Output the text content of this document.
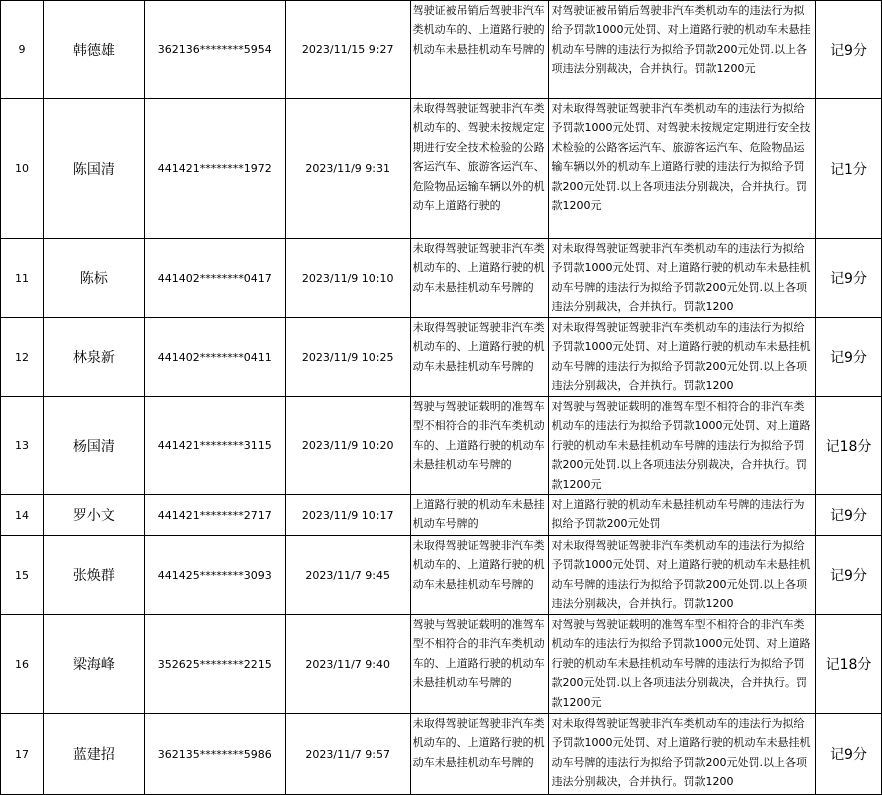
9	韩德雄	362136********5954	2023/11/15 9:27	驾驶证被吊销后驾驶非汽车类机动车的、上道路行驶的机动车未悬挂机动车号牌的	对驾驶证被吊销后驾驶非汽车类机动车的违法行为拟给予罚款1000元处罚、对上道路行驶的机动车未悬挂机动车号牌的违法行为拟给予罚款200元处罚.以上各项违法分别裁决，合并执行。罚款1200元	记9分
10	陈国清	441421********1972	2023/11/9 9:31	未取得驾驶证驾驶非汽车类机动车的、驾驶未按规定定期进行安全技术检验的公路客运汽车、旅游客运汽车、危险物品运输车辆以外的机动车上道路行驶的	对未取得驾驶证驾驶非汽车类机动车的违法行为拟给予罚款1000元处罚、对驾驶未按规定定期进行安全技术检验的公路客运汽车、旅游客运汽车、危险物品运输车辆以外的机动车上道路行驶的违法行为拟给予罚款200元处罚.以上各项违法分别裁决，合并执行。罚款1200元	记1分
11	陈标	441402********0417	2023/11/9 10:10	未取得驾驶证驾驶非汽车类机动车的、上道路行驶的机动车未悬挂机动车号牌的	对未取得驾驶证驾驶非汽车类机动车的违法行为拟给予罚款1000元处罚、对上道路行驶的机动车未悬挂机动车号牌的违法行为拟给予罚款200元处罚.以上各项违法分别裁决，合并执行。罚款1200	记9分
12	林泉新	441402********0411	2023/11/9 10:25	未取得驾驶证驾驶非汽车类机动车的、上道路行驶的机动车未悬挂机动车号牌的	对未取得驾驶证驾驶非汽车类机动车的违法行为拟给予罚款1000元处罚、对上道路行驶的机动车未悬挂机动车号牌的违法行为拟给予罚款200元处罚.以上各项违法分别裁决，合并执行。罚款1200	记9分
13	杨国清	441421********3115	2023/11/9 10:20	驾驶与驾驶证载明的准驾车型不相符合的非汽车类机动车的、上道路行驶的机动车未悬挂机动车号牌的	对驾驶与驾驶证载明的准驾车型不相符合的非汽车类机动车的违法行为拟给予罚款1000元处罚、对上道路行驶的机动车未悬挂机动车号牌的违法行为拟给予罚款200元处罚.以上各项违法分别裁决，合并执行。罚款1200元	记18分
14	罗小文	441421********2717	2023/11/9 10:17	上道路行驶的机动车未悬挂机动车号牌的	对上道路行驶的机动车未悬挂机动车号牌的违法行为拟给予罚款200元处罚	记9分
15	张焕群	441425********3093	2023/11/7 9:45	未取得驾驶证驾驶非汽车类机动车的、上道路行驶的机动车未悬挂机动车号牌的	对未取得驾驶证驾驶非汽车类机动车的违法行为拟给予罚款1000元处罚、对上道路行驶的机动车未悬挂机动车号牌的违法行为拟给予罚款200元处罚.以上各项违法分别裁决，合并执行。罚款1200	记9分
16	梁海峰	352625********2215	2023/11/7 9:40	驾驶与驾驶证载明的准驾车型不相符合的非汽车类机动车的、上道路行驶的机动车未悬挂机动车号牌的	对驾驶与驾驶证载明的准驾车型不相符合的非汽车类机动车的违法行为拟给予罚款1000元处罚、对上道路行驶的机动车未悬挂机动车号牌的违法行为拟给予罚款200元处罚.以上各项违法分别裁决，合并执行。罚款1200元	记18分
17	蓝建招	362135********5986	2023/11/7 9:57	未取得驾驶证驾驶非汽车类机动车的、上道路行驶的机动车未悬挂机动车号牌的	对未取得驾驶证驾驶非汽车类机动车的违法行为拟给予罚款1000元处罚、对上道路行驶的机动车未悬挂机动车号牌的违法行为拟给予罚款200元处罚.以上各项违法分别裁决，合并执行。罚款1200	记9分
